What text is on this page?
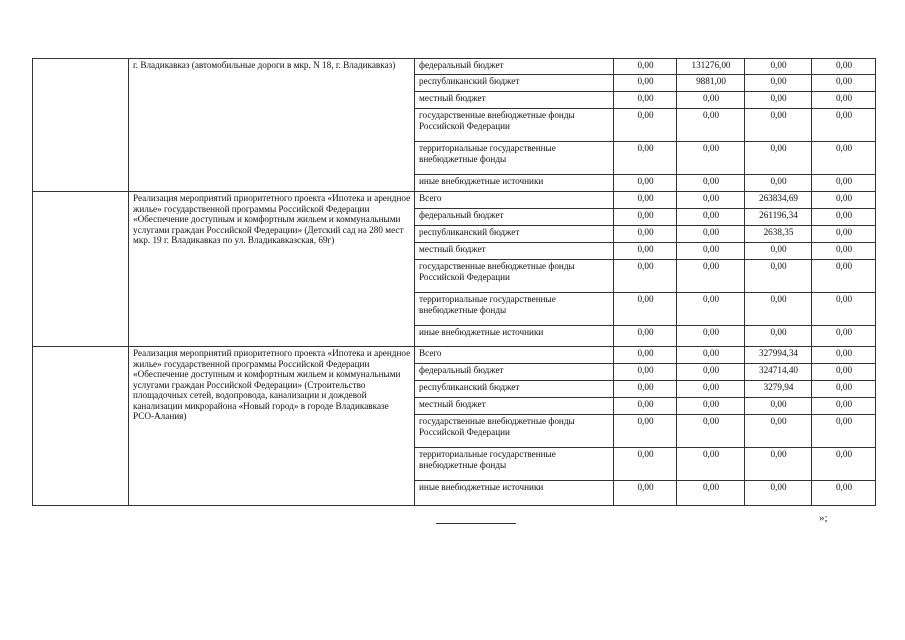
	г. Владикавказ (автомобильные дороги в мкр. N 18, г. Владикавказ)	федеральный бюджет	0,00	131276,00	0,00	0,00
		республиканский бюджет	0,00	9881,00	0,00	0,00
		местный бюджет	0,00	0,00	0,00	0,00
		государственные внебюджетные фонды Российской Федерации	0,00	0,00	0,00	0,00
		территориальные государственные внебюджетные фонды	0,00	0,00	0,00	0,00
		иные внебюджетные источники	0,00	0,00	0,00	0,00
	Реализация мероприятий приоритетного проекта «Ипотека и арендное жилье» государственной программы Российской Федерации «Обеспечение доступным и комфортным жильем и коммунальными услугами граждан Российской Федерации» (Детский сад на 280 мест мкр. 19 г. Владикавказ по ул. Владикавказская, 69г)	Всего	0,00	0,00	263834,69	0,00
		федеральный бюджет	0,00	0,00	261196,34	0,00
		республиканский бюджет	0,00	0,00	2638,35	0,00
		местный бюджет	0,00	0,00	0,00	0,00
		государственные внебюджетные фонды Российской Федерации	0,00	0,00	0,00	0,00
		территориальные государственные внебюджетные фонды	0,00	0,00	0,00	0,00
		иные внебюджетные источники	0,00	0,00	0,00	0,00
	Реализация мероприятий приоритетного проекта «Ипотека и арендное жилье» государственной программы Российской Федерации «Обеспечение доступным и комфортным жильем и коммунальными услугами граждан Российской Федерации» (Строительство площадочных сетей, водопровода, канализации и дождевой канализации микрорайона «Новый город» в городе Владикавказе РСО-Алания)	Всего	0,00	0,00	327994,34	0,00
		федеральный бюджет	0,00	0,00	324714,40	0,00
		республиканский бюджет	0,00	0,00	3279,94	0,00
		местный бюджет	0,00	0,00	0,00	0,00
		государственные внебюджетные фонды Российской Федерации	0,00	0,00	0,00	0,00
		территориальные государственные внебюджетные фонды	0,00	0,00	0,00	0,00
		иные внебюджетные источники	0,00	0,00	0,00	0,00
»;
